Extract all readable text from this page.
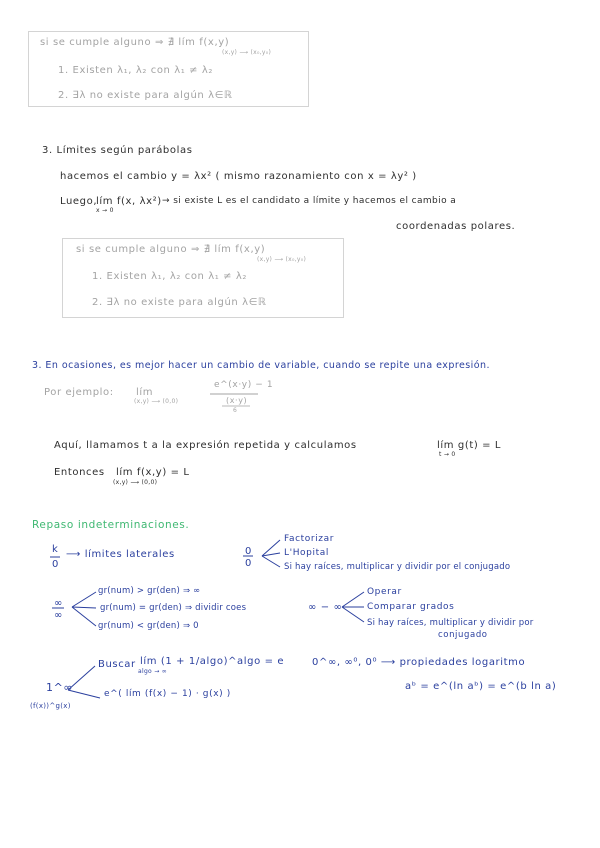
si se cumple alguno ⇒ ∄ lím f(x,y)
(x,y) ⟶ (x₀,y₀)
1. Existen λ₁, λ₂ con λ₁ ≠ λ₂
2. ∃λ no existe para algún λ∈ℝ
3. Límites según parábolas
hacemos el cambio y = λx² ( mismo razonamiento con x = λy² )
Luego,
lím f(x, λx²)
x → 0
→ si existe L es el candidato a límite y hacemos el cambio a
coordenadas polares.
si se cumple alguno ⇒ ∄ lím f(x,y)
(x,y) ⟶ (x₀,y₀)
1. Existen λ₁, λ₂ con λ₁ ≠ λ₂
2. ∃λ no existe para algún λ∈ℝ
3. En ocasiones, es mejor hacer un cambio de variable, cuando se repite una expresión.
Por ejemplo: lím
(x,y) ⟶ (0,0)
e^(x·y) − 1
(x·y)
6
Aquí, llamamos t a la expresión repetida y calculamos	lím g(t) = L
t → 0
Entonces lím f(x,y) = L
(x,y) ⟶ (0,0)
Repaso indeterminaciones.
k
0
⟶ límites laterales	0
0
Factorizar
L'Hopital
Si hay raíces, multiplicar y dividir por el conjugado
∞
∞
gr(num) > gr(den) ⇒ ∞
gr(num) = gr(den) ⇒ dividir coes
gr(num) < gr(den) ⇒ 0
∞ − ∞
Operar
Comparar grados
Si hay raíces, multiplicar y dividir por
conjugado
1^∞
(f(x))^g(x)
Buscar lím (1 + 1/algo)^algo = e
algo → ∞
e^( lím (f(x) − 1) · g(x) )
0^∞, ∞⁰, 0⁰ ⟶ propiedades logaritmo
aᵇ = e^(ln aᵇ) = e^(b ln a)
